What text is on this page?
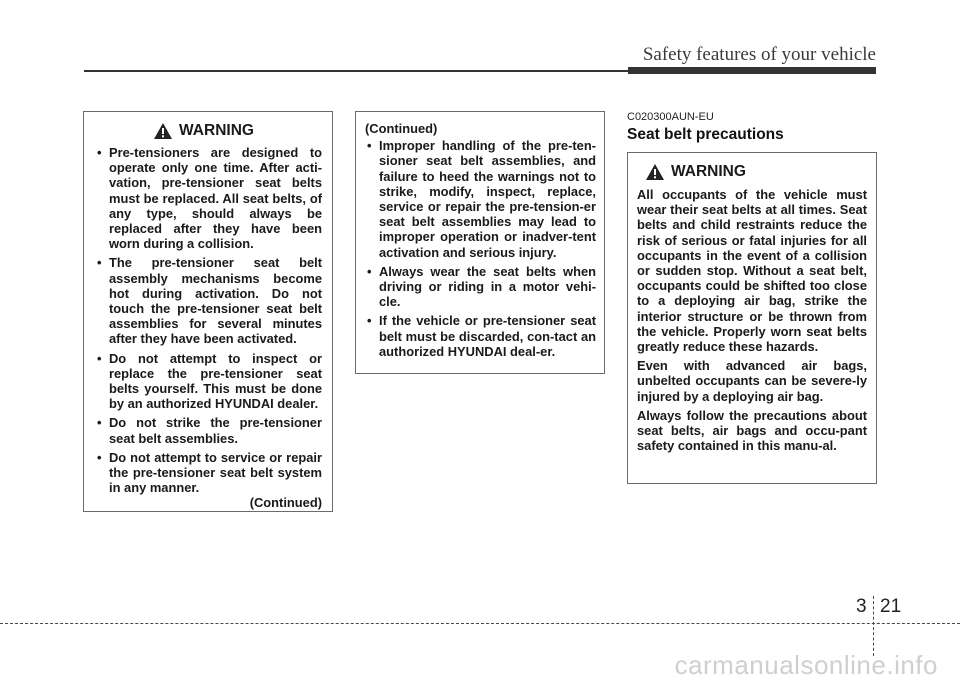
Safety features of your vehicle
WARNING
• Pre-tensioners are designed to operate only one time. After acti-vation, pre-tensioner seat belts must be replaced. All seat belts, of any type, should always be replaced after they have been worn during a collision.
• The pre-tensioner seat belt assembly mechanisms become hot during activation. Do not touch the pre-tensioner seat belt assemblies for several minutes after they have been activated.
• Do not attempt to inspect or replace the pre-tensioner seat belts yourself. This must be done by an authorized HYUNDAI dealer.
• Do not strike the pre-tensioner seat belt assemblies.
• Do not attempt to service or repair the pre-tensioner seat belt system in any manner.
(Continued)
(Continued)
• Improper handling of the pre-ten-sioner seat belt assemblies, and failure to heed the warnings not to strike, modify, inspect, replace, service or repair the pre-tension-er seat belt assemblies may lead to improper operation or inadver-tent activation and serious injury.
• Always wear the seat belts when driving or riding in a motor vehi-cle.
• If the vehicle or pre-tensioner seat belt must be discarded, con-tact an authorized HYUNDAI deal-er.
C020300AUN-EU
Seat belt precautions
WARNING

All occupants of the vehicle must wear their seat belts at all times. Seat belts and child restraints reduce the risk of serious or fatal injuries for all occupants in the event of a collision or sudden stop. Without a seat belt, occupants could be shifted too close to a deploying air bag, strike the interior structure or be thrown from the vehicle. Properly worn seat belts greatly reduce these hazards.

Even with advanced air bags, unbelted occupants can be severe-ly injured by a deploying air bag.

Always follow the precautions about seat belts, air bags and occu-pant safety contained in this manu-al.

3 21
carmanualsonline.info
